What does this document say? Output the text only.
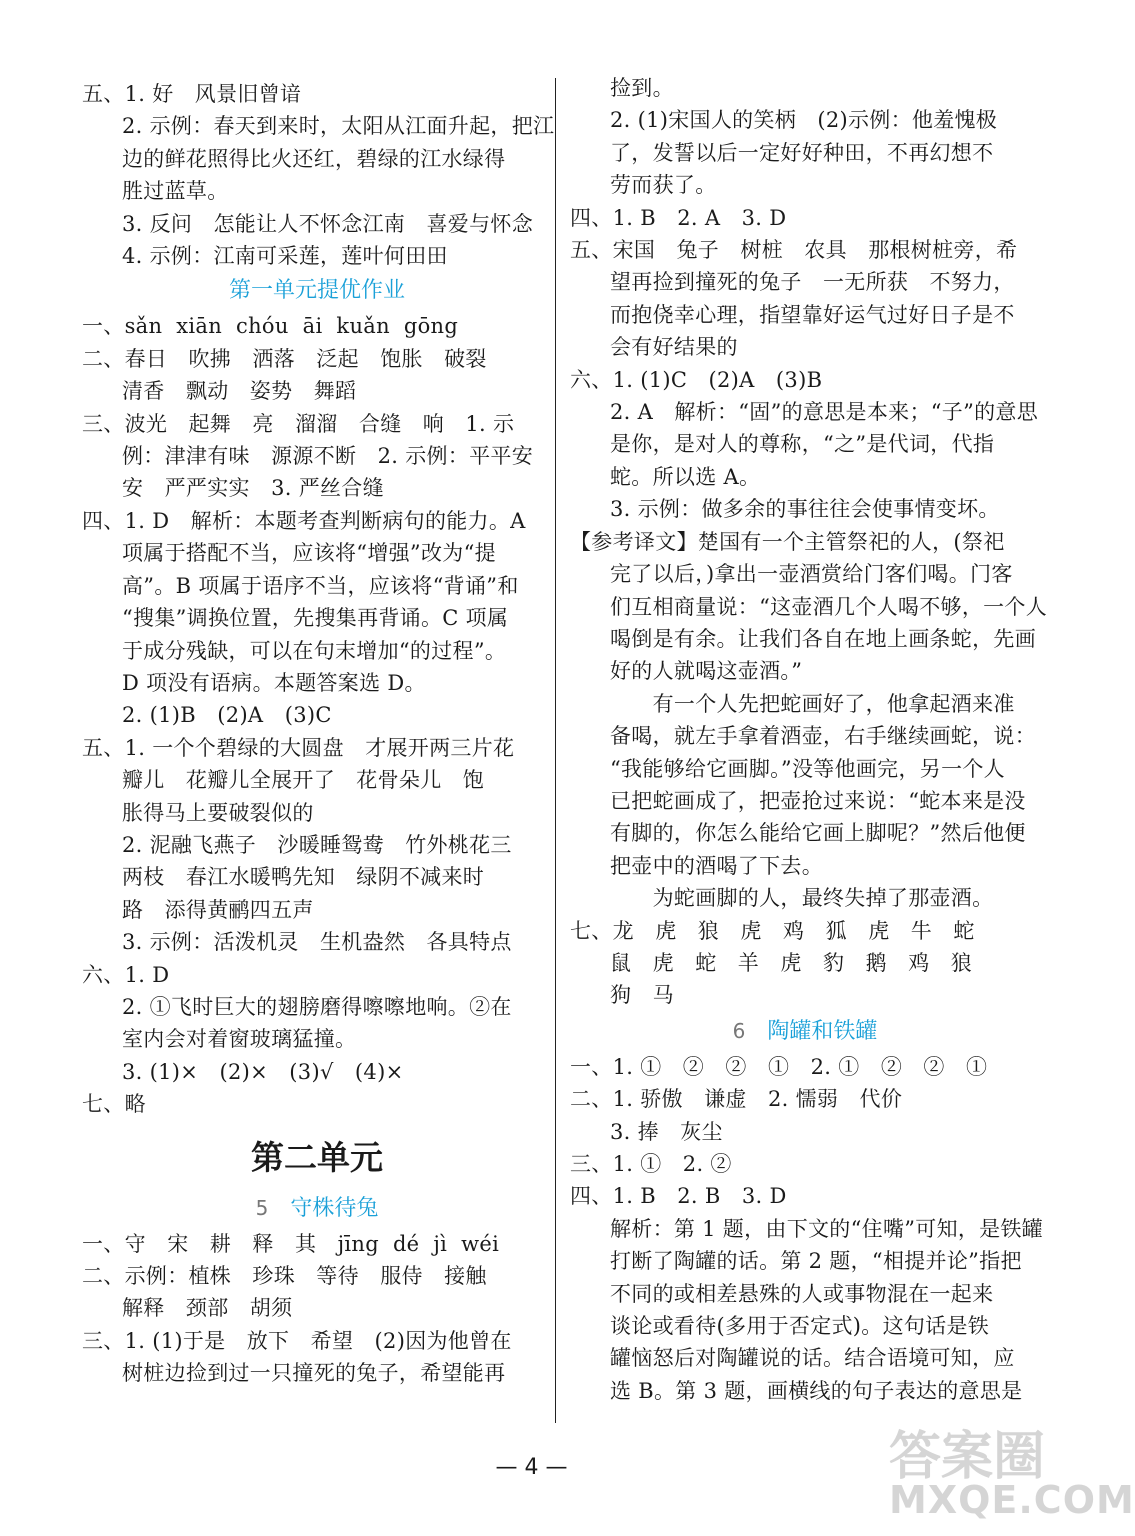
五、1. 好　风景旧曾谙
2. 示例：春天到来时，太阳从江面升起，把江
边的鲜花照得比火还红，碧绿的江水绿得
胜过蓝草。
3. 反问　怎能让人不怀念江南　喜爱与怀念
4. 示例：江南可采莲，莲叶何田田
第一单元提优作业
一、sǎn  xiān  chóu  āi  kuǎn  gōng
二、春日　吹拂　洒落　泛起　饱胀　破裂
清香　飘动　姿势　舞蹈
三、波光　起舞　亮　溜溜　合缝　响　1. 示
例：津津有味　源源不断　2. 示例：平平安
安　严严实实　3. 严丝合缝
四、1. D　解析：本题考查判断病句的能力。A
项属于搭配不当，应该将“增强”改为“提
高”。B 项属于语序不当，应该将“背诵”和
“搜集”调换位置，先搜集再背诵。C 项属
于成分残缺，可以在句末增加“的过程”。
D 项没有语病。本题答案选 D。
2. (1)B　(2)A　(3)C
五、1. 一个个碧绿的大圆盘　才展开两三片花
瓣儿　花瓣儿全展开了　花骨朵儿　饱
胀得马上要破裂似的
2. 泥融飞燕子　沙暖睡鸳鸯　竹外桃花三
两枝　春江水暖鸭先知　绿阴不减来时
路　添得黄鹂四五声
3. 示例：活泼机灵　生机盎然　各具特点
六、1. D
2. ①飞时巨大的翅膀磨得嚓嚓地响。②在
室内会对着窗玻璃猛撞。
3. (1)×　(2)×　(3)√　(4)×
七、略
第二单元
5 守株待兔
一、守　宋　耕　释　其　jīng  dé  jì  wéi
二、示例：植株　珍珠　等待　服侍　接触
解释　颈部　胡须
三、1. (1)于是　放下　希望　(2)因为他曾在
树桩边捡到过一只撞死的兔子，希望能再
捡到。
2. (1)宋国人的笑柄　(2)示例：他羞愧极
了，发誓以后一定好好种田，不再幻想不
劳而获了。
四、1. B　2. A　3. D
五、宋国　兔子　树桩　农具　那根树桩旁，希
望再捡到撞死的兔子　一无所获　不努力，
而抱侥幸心理，指望靠好运气过好日子是不
会有好结果的
六、1. (1)C　(2)A　(3)B
2. A　解析：“固”的意思是本来；“子”的意思
是你，是对人的尊称，“之”是代词，代指
蛇。所以选 A。
3. 示例：做多余的事往往会使事情变坏。
【参考译文】楚国有一个主管祭祀的人，(祭祀
完了以后，)拿出一壶酒赏给门客们喝。门客
们互相商量说：“这壶酒几个人喝不够，一个人
喝倒是有余。让我们各自在地上画条蛇，先画
好的人就喝这壶酒。”
　　有一个人先把蛇画好了，他拿起酒来准
备喝，就左手拿着酒壶，右手继续画蛇，说：
“我能够给它画脚。”没等他画完，另一个人
已把蛇画成了，把壶抢过来说：“蛇本来是没
有脚的，你怎么能给它画上脚呢？”然后他便
把壶中的酒喝了下去。
　　为蛇画脚的人，最终失掉了那壶酒。
七、龙　虎　狼　虎　鸡　狐　虎　牛　蛇
鼠　虎　蛇　羊　虎　豹　鹅　鸡　狼
狗　马
6 陶罐和铁罐
一、1. ①　②　②　①　2. ①　②　②　①
二、1. 骄傲　谦虚　2. 懦弱　代价
3. 捧　灰尘
三、1. ①　2. ②
四、1. B　2. B　3. D
解析：第 1 题，由下文的“住嘴”可知，是铁罐
打断了陶罐的话。第 2 题，“相提并论”指把
不同的或相差悬殊的人或事物混在一起来
谈论或看待(多用于否定式)。这句话是铁
罐恼怒后对陶罐说的话。结合语境可知，应
选 B。第 3 题，画横线的句子表达的意思是
— 4 —	答案圈
MXQE.COM
